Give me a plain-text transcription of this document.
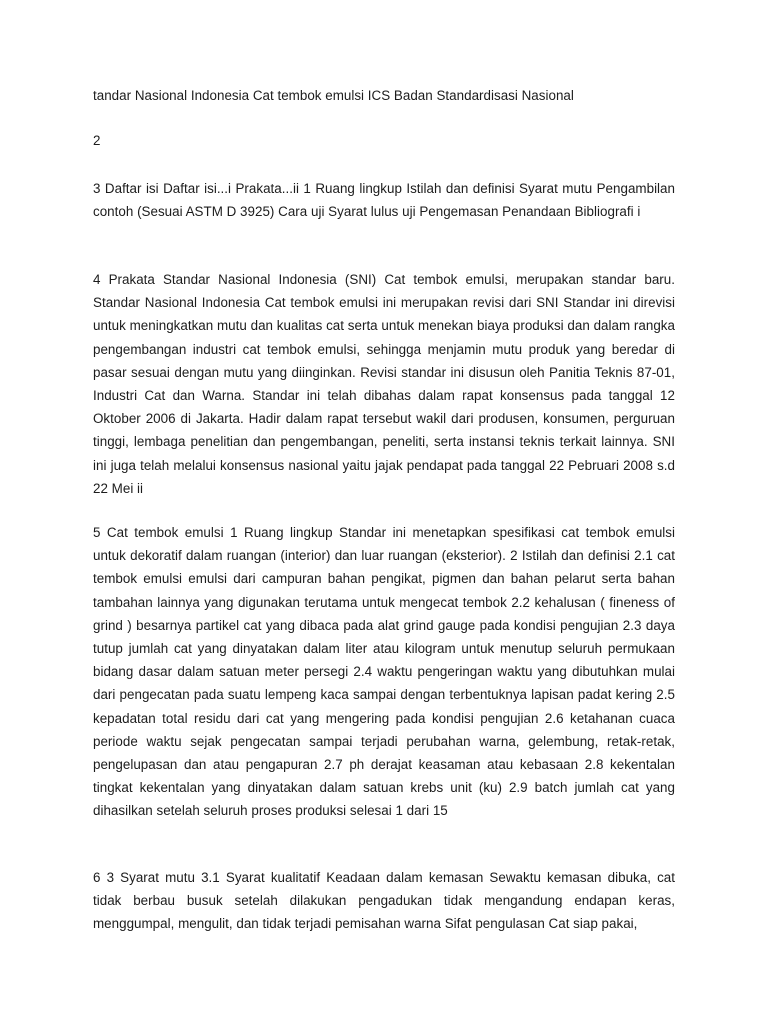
tandar Nasional Indonesia Cat tembok emulsi ICS Badan Standardisasi Nasional

2

3 Daftar isi Daftar isi...i Prakata...ii 1 Ruang lingkup Istilah dan definisi Syarat mutu Pengambilan contoh (Sesuai ASTM D 3925) Cara uji Syarat lulus uji Pengemasan Penandaan Bibliografi i

4 Prakata Standar Nasional Indonesia (SNI) Cat tembok emulsi, merupakan standar baru. Standar Nasional Indonesia Cat tembok emulsi ini merupakan revisi dari SNI Standar ini direvisi untuk meningkatkan mutu dan kualitas cat serta untuk menekan biaya produksi dan dalam rangka pengembangan industri cat tembok emulsi, sehingga menjamin mutu produk yang beredar di pasar sesuai dengan mutu yang diinginkan. Revisi standar ini disusun oleh Panitia Teknis 87-01, Industri Cat dan Warna. Standar ini telah dibahas dalam rapat konsensus pada tanggal 12 Oktober 2006 di Jakarta. Hadir dalam rapat tersebut wakil dari produsen, konsumen, perguruan tinggi, lembaga penelitian dan pengembangan, peneliti, serta instansi teknis terkait lainnya. SNI ini juga telah melalui konsensus nasional yaitu jajak pendapat pada tanggal 22 Pebruari 2008 s.d 22 Mei ii

5 Cat tembok emulsi 1 Ruang lingkup Standar ini menetapkan spesifikasi cat tembok emulsi untuk dekoratif dalam ruangan (interior) dan luar ruangan (eksterior). 2 Istilah dan definisi 2.1 cat tembok emulsi emulsi dari campuran bahan pengikat, pigmen dan bahan pelarut serta bahan tambahan lainnya yang digunakan terutama untuk mengecat tembok 2.2 kehalusan ( fineness of grind ) besarnya partikel cat yang dibaca pada alat grind gauge pada kondisi pengujian 2.3 daya tutup jumlah cat yang dinyatakan dalam liter atau kilogram untuk menutup seluruh permukaan bidang dasar dalam satuan meter persegi 2.4 waktu pengeringan waktu yang dibutuhkan mulai dari pengecatan pada suatu lempeng kaca sampai dengan terbentuknya lapisan padat kering 2.5 kepadatan total residu dari cat yang mengering pada kondisi pengujian 2.6 ketahanan cuaca periode waktu sejak pengecatan sampai terjadi perubahan warna, gelembung, retak-retak, pengelupasan dan atau pengapuran 2.7 ph derajat keasaman atau kebasaan 2.8 kekentalan tingkat kekentalan yang dinyatakan dalam satuan krebs unit (ku) 2.9 batch jumlah cat yang dihasilkan setelah seluruh proses produksi selesai 1 dari 15

6 3 Syarat mutu 3.1 Syarat kualitatif Keadaan dalam kemasan Sewaktu kemasan dibuka, cat tidak berbau busuk setelah dilakukan pengadukan tidak mengandung endapan keras, menggumpal, mengulit, dan tidak terjadi pemisahan warna Sifat pengulasan Cat siap pakai,
